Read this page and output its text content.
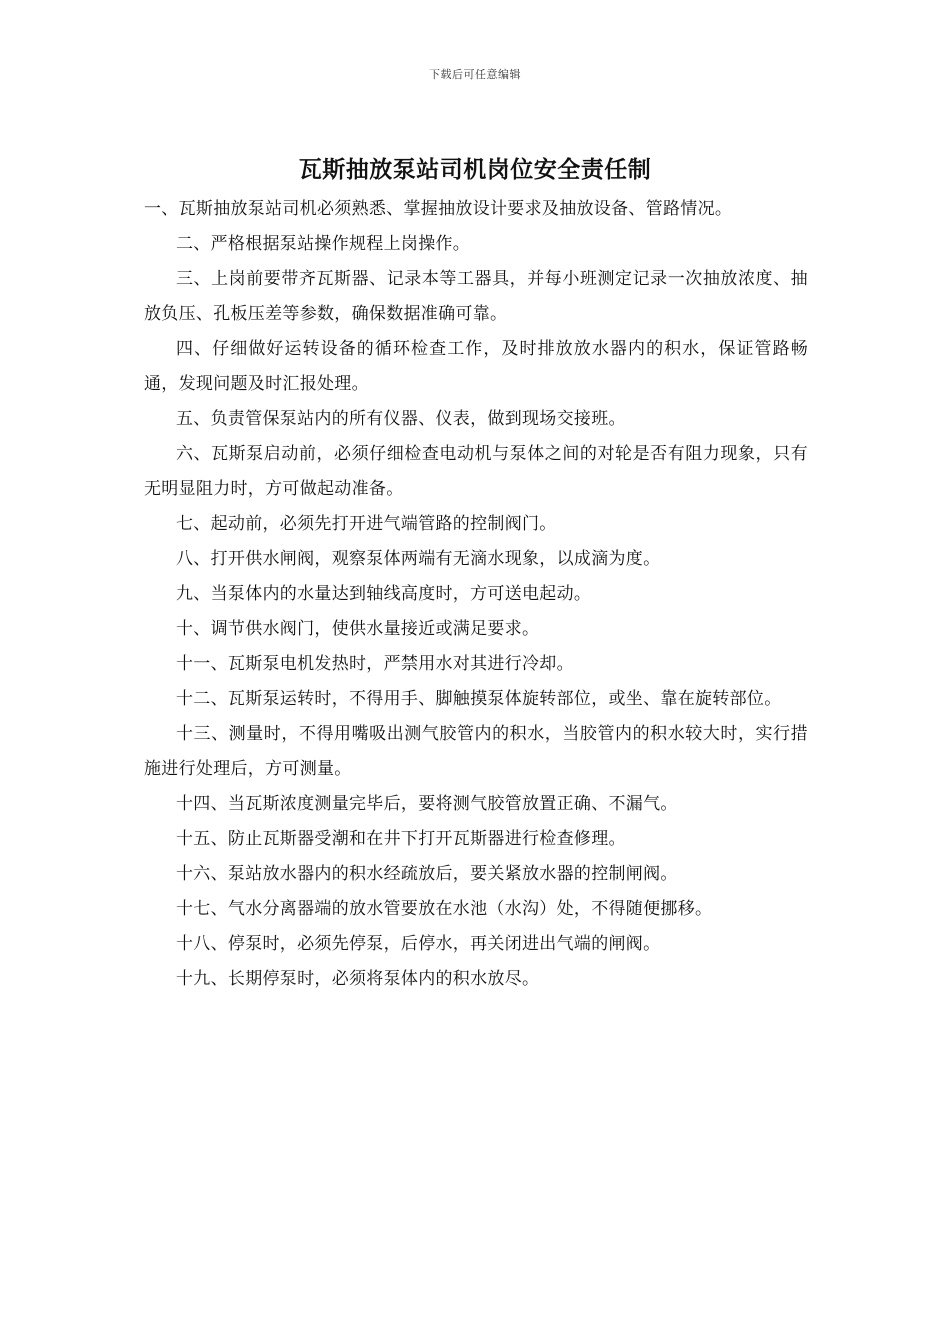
下载后可任意编辑
瓦斯抽放泵站司机岗位安全责任制

一、瓦斯抽放泵站司机必须熟悉、掌握抽放设计要求及抽放设备、管路情况。

二、严格根据泵站操作规程上岗操作。

三、上岗前要带齐瓦斯器、记录本等工器具，并每小班测定记录一次抽放浓度、抽放负压、孔板压差等参数，确保数据准确可靠。

四、仔细做好运转设备的循环检查工作，及时排放放水器内的积水，保证管路畅通，发现问题及时汇报处理。

五、负责管保泵站内的所有仪器、仪表，做到现场交接班。

六、瓦斯泵启动前，必须仔细检查电动机与泵体之间的对轮是否有阻力现象，只有无明显阻力时，方可做起动准备。

七、起动前，必须先打开进气端管路的控制阀门。

八、打开供水闸阀，观察泵体两端有无滴水现象，以成滴为度。

九、当泵体内的水量达到轴线高度时，方可送电起动。

十、调节供水阀门，使供水量接近或满足要求。

十一、瓦斯泵电机发热时，严禁用水对其进行冷却。

十二、瓦斯泵运转时，不得用手、脚触摸泵体旋转部位，或坐、靠在旋转部位。

十三、测量时，不得用嘴吸出测气胶管内的积水，当胶管内的积水较大时，实行措施进行处理后，方可测量。

十四、当瓦斯浓度测量完毕后，要将测气胶管放置正确、不漏气。

十五、防止瓦斯器受潮和在井下打开瓦斯器进行检查修理。

十六、泵站放水器内的积水经疏放后，要关紧放水器的控制闸阀。

十七、气水分离器端的放水管要放在水池（水沟）处，不得随便挪移。

十八、停泵时，必须先停泵，后停水，再关闭进出气端的闸阀。

十九、长期停泵时，必须将泵体内的积水放尽。
